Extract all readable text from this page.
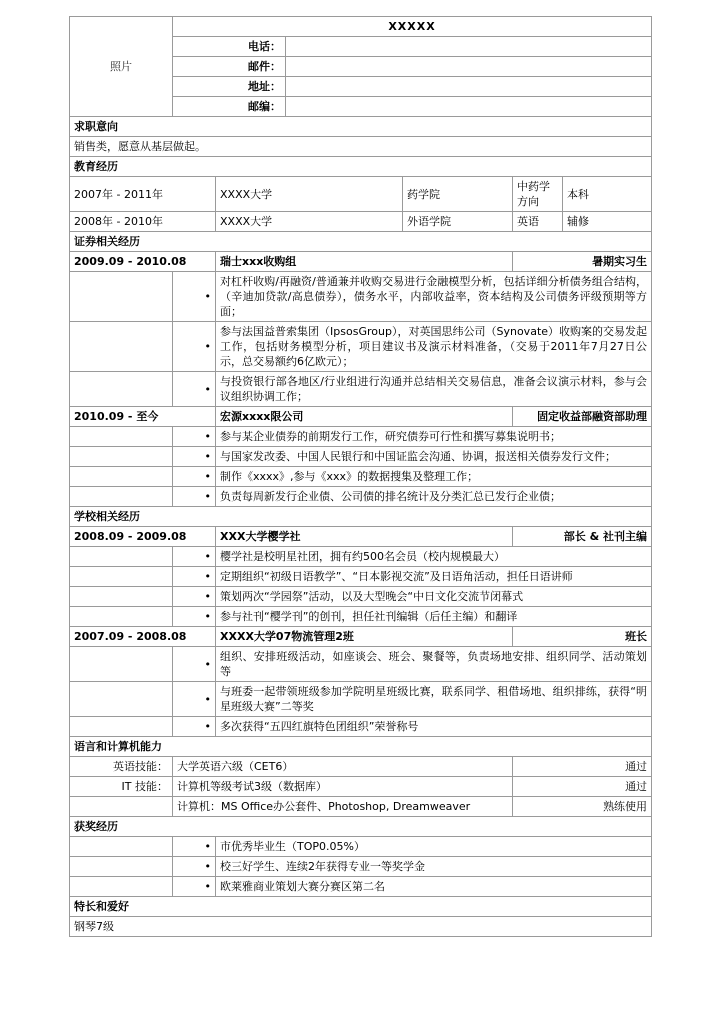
照片	XXXXX					
	电话：					
	邮件：					
	地址：					
	邮编：					
求职意向						
销售类，愿意从基层做起。						
教育经历						
2007年 - 2011年		XXXX大学		药学院	中药学方向	本科
2008年 - 2010年		XXXX大学		外语学院	英语	辅修
证券相关经历						
2009.09 - 2010.08		瑞士xxx收购组			暑期实习生	
	•	对杠杆收购/再融资/普通兼并收购交易进行金融模型分析，包括详细分析债务组合结构，（辛迪加贷款/高息债券），债务水平，内部收益率，资本结构及公司债务评级预期等方面；				
	•	参与法国益普索集团（IpsosGroup），对英国思纬公司（Synovate）收购案的交易发起工作，包括财务模型分析，项目建议书及演示材料准备，（交易于2011年7月27日公示，总交易额约6亿欧元）；				
	•	与投资银行部各地区/行业组进行沟通并总结相关交易信息，准备会议演示材料，参与会议组织协调工作；				
2010.09 - 至今		宏源xxxx限公司			固定收益部融资部助理	
	•	参与某企业债券的前期发行工作，研究债券可行性和撰写募集说明书；				
	•	与国家发改委、中国人民银行和中国证监会沟通、协调，报送相关债券发行文件；				
	•	制作《xxxx》,参与《xxx》的数据搜集及整理工作；				
	•	负责每周新发行企业债、公司债的排名统计及分类汇总已发行企业债；				
学校相关经历						
2008.09 - 2009.08		XXX大学樱学社			部长 & 社刊主编	
	•	樱学社是校明星社团，拥有约500名会员（校内规模最大）				
	•	定期组织“初级日语教学”、“日本影视交流”及日语角活动，担任日语讲师				
	•	策划两次“学园祭”活动，以及大型晚会“中日文化交流节闭幕式				
	•	参与社刊“樱学刊”的创刊，担任社刊编辑（后任主编）和翻译				
2007.09 - 2008.08		XXXX大学07物流管理2班			班长	
	•	组织、安排班级活动，如座谈会、班会、聚餐等，负责场地安排、组织同学、活动策划等				
	•	与班委一起带领班级参加学院明星班级比赛，联系同学、租借场地、组织排练，获得“明星班级大赛”二等奖				
	•	多次获得“五四红旗特色团组织”荣誉称号				
语言和计算机能力						
英语技能：	大学英语六级（CET6）				通过	
IT 技能：	计算机等级考试3级（数据库）				通过	
	计算机：MS Office办公套件、Photoshop, Dreamweaver				熟练使用	
获奖经历						
	•	市优秀毕业生（TOP0.05%）				
	•	校三好学生、连续2年获得专业一等奖学金				
	•	欧莱雅商业策划大赛分赛区第二名				
特长和爱好						
钢琴7级						
